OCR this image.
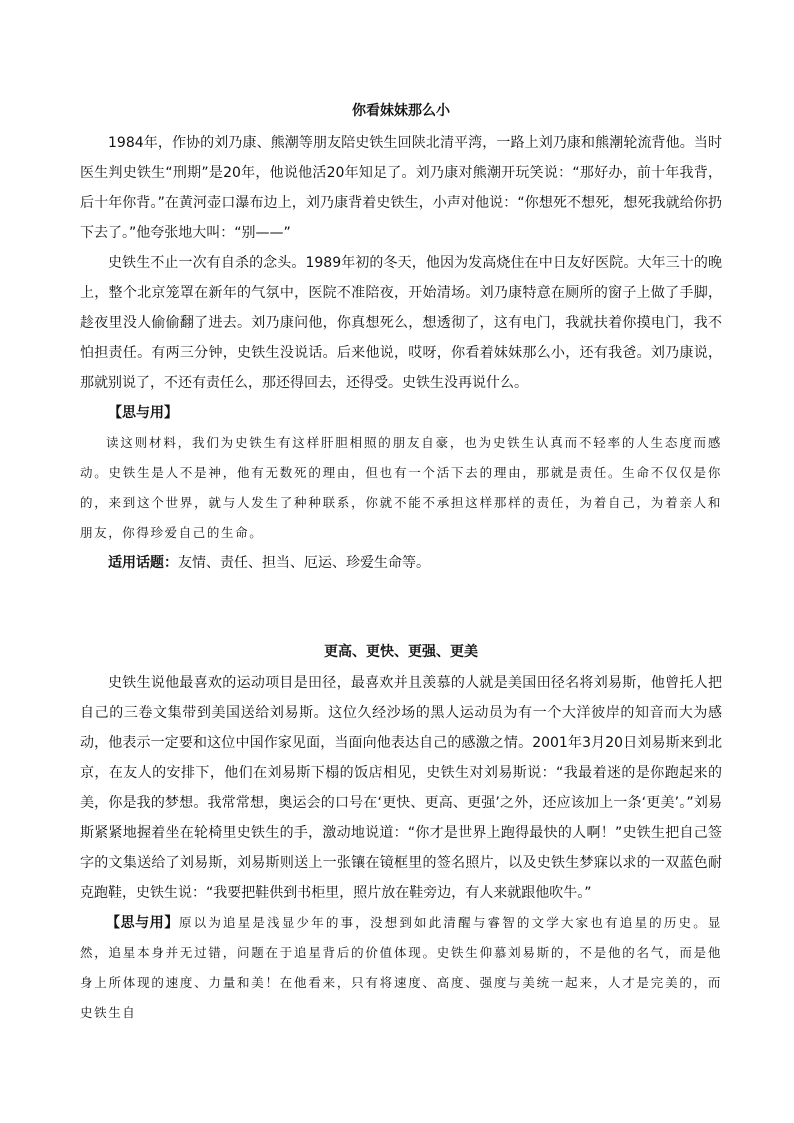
你看妹妹那么小

1984年，作协的刘乃康、熊潮等朋友陪史铁生回陕北清平湾，一路上刘乃康和熊潮轮流背他。当时医生判史铁生“刑期”是20年，他说他活20年知足了。刘乃康对熊潮开玩笑说：“那好办，前十年我背，后十年你背。”在黄河壶口瀑布边上，刘乃康背着史铁生，小声对他说：“你想死不想死，想死我就给你扔下去了。”他夸张地大叫：“别——”

史铁生不止一次有自杀的念头。1989年初的冬天，他因为发高烧住在中日友好医院。大年三十的晚上，整个北京笼罩在新年的气氛中，医院不准陪夜，开始清场。刘乃康特意在厕所的窗子上做了手脚，趁夜里没人偷偷翻了进去。刘乃康问他，你真想死么，想透彻了，这有电门，我就扶着你摸电门，我不怕担责任。有两三分钟，史铁生没说话。后来他说，哎呀，你看着妹妹那么小，还有我爸。刘乃康说，那就别说了，不还有责任么，那还得回去，还得受。史铁生没再说什么。

【思与用】

读这则材料，我们为史铁生有这样肝胆相照的朋友自豪，也为史铁生认真而不轻率的人生态度而感动。史铁生是人不是神，他有无数死的理由，但也有一个活下去的理由，那就是责任。生命不仅仅是你的，来到这个世界，就与人发生了种种联系，你就不能不承担这样那样的责任，为着自己，为着亲人和朋友，你得珍爱自己的生命。

适用话题：友情、责任、担当、厄运、珍爱生命等。
更高、更快、更强、更美

史铁生说他最喜欢的运动项目是田径，最喜欢并且羡慕的人就是美国田径名将刘易斯，他曾托人把自己的三卷文集带到美国送给刘易斯。这位久经沙场的黑人运动员为有一个大洋彼岸的知音而大为感动，他表示一定要和这位中国作家见面，当面向他表达自己的感激之情。2001年3月20日刘易斯来到北京，在友人的安排下，他们在刘易斯下榻的饭店相见，史铁生对刘易斯说：“我最着迷的是你跑起来的美，你是我的梦想。我常常想，奥运会的口号在‘更快、更高、更强’之外，还应该加上一条‘更美’。”刘易斯紧紧地握着坐在轮椅里史铁生的手，激动地说道：“你才是世界上跑得最快的人啊！”史铁生把自己签字的文集送给了刘易斯，刘易斯则送上一张镶在镜框里的签名照片，以及史铁生梦寐以求的一双蓝色耐克跑鞋，史铁生说：“我要把鞋供到书柜里，照片放在鞋旁边，有人来就跟他吹牛。”

【思与用】原以为追星是浅显少年的事，没想到如此清醒与睿智的文学大家也有追星的历史。显然，追星本身并无过错，问题在于追星背后的价值体现。史铁生仰慕刘易斯的，不是他的名气，而是他身上所体现的速度、力量和美！在他看来，只有将速度、高度、强度与美统一起来，人才是完美的，而史铁生自
